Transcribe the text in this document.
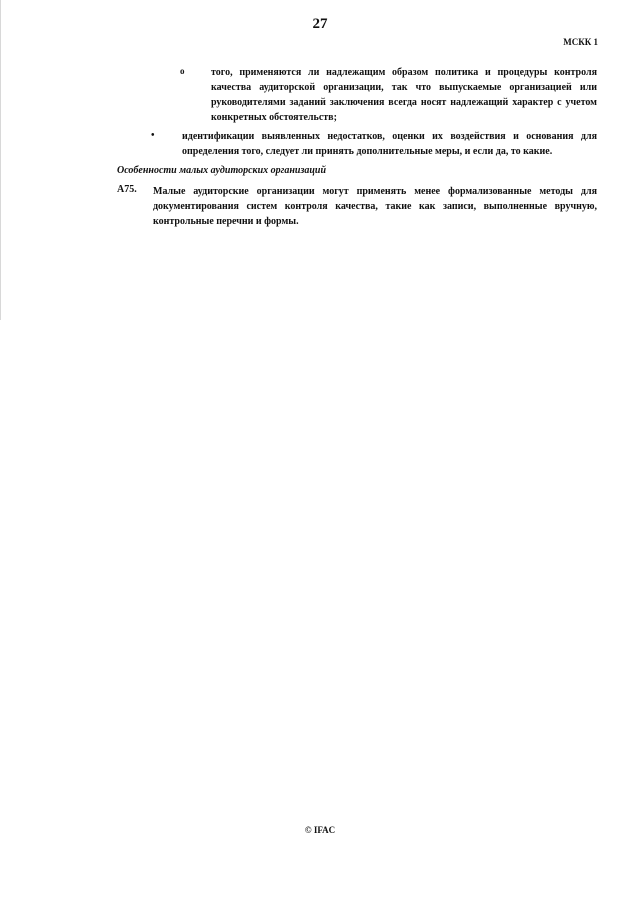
27
МСКК 1
o	того, применяются ли надлежащим образом политика и процедуры контроля качества аудиторской организации, так что выпускаемые организацией или руководителями заданий заключения всегда носят надлежащий характер с учетом конкретных обстоятельств;
•	идентификации выявленных недостатков, оценки их воздействия и основания для определения того, следует ли принять дополнительные меры, и если да, то какие.
Особенности малых аудиторских организаций
A75. Малые аудиторские организации могут применять менее формализованные методы для документирования систем контроля качества, такие как записи, выполненные вручную, контрольные перечни и формы.
© IFAC
